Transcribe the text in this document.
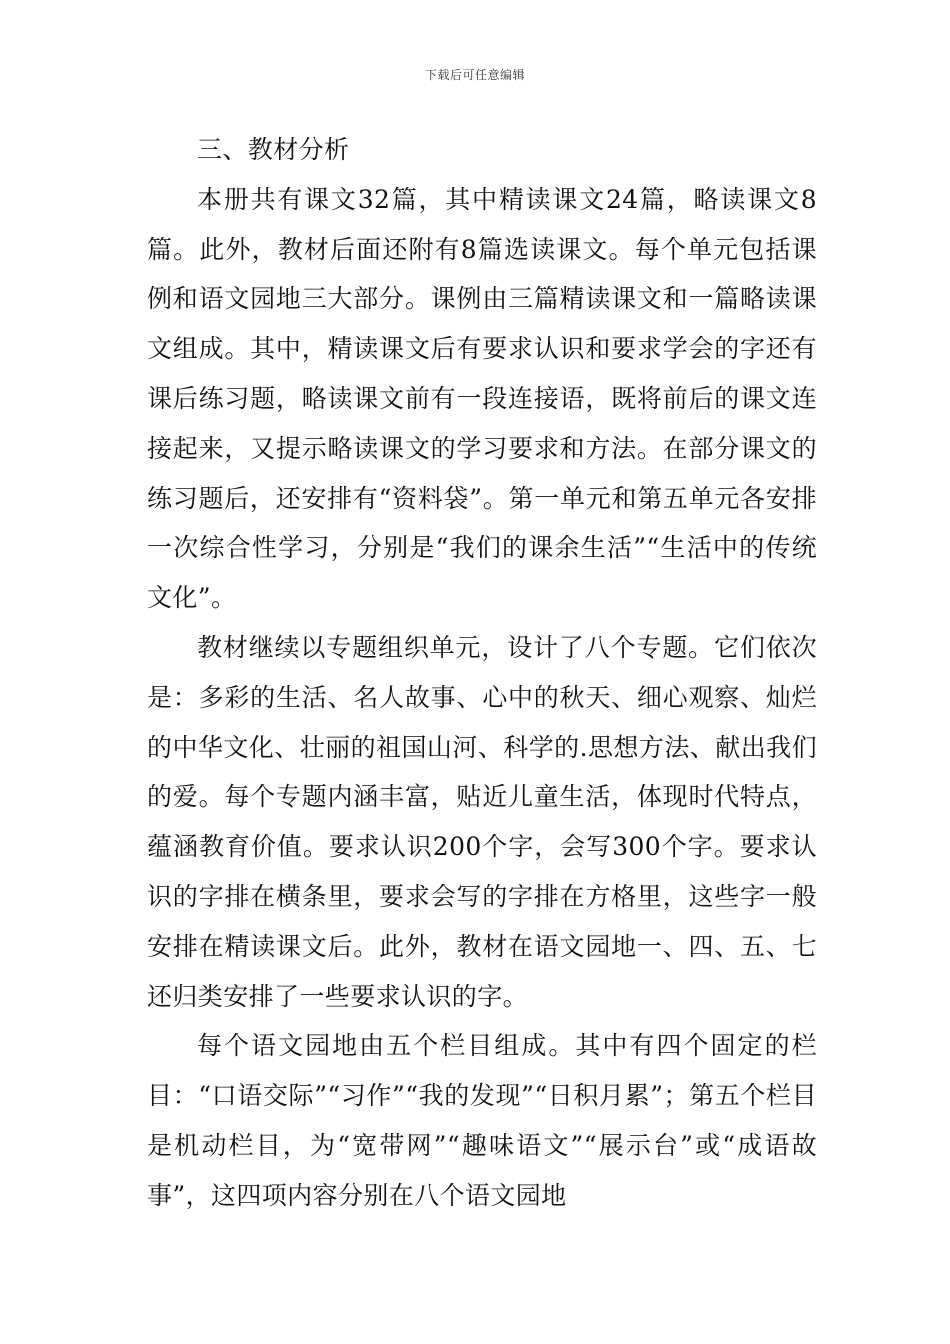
下载后可任意编辑

三、教材分析

本册共有课文32篇，其中精读课文24篇，略读课文8篇。此外，教材后面还附有8篇选读课文。每个单元包括课例和语文园地三大部分。课例由三篇精读课文和一篇略读课文组成。其中，精读课文后有要求认识和要求学会的字还有课后练习题，略读课文前有一段连接语，既将前后的课文连接起来，又提示略读课文的学习要求和方法。在部分课文的练习题后，还安排有“资料袋”。第一单元和第五单元各安排一次综合性学习，分别是“我们的课余生活”“生活中的传统文化”。

教材继续以专题组织单元，设计了八个专题。它们依次是：多彩的生活、名人故事、心中的秋天、细心观察、灿烂的中华文化、壮丽的祖国山河、科学的.思想方法、献出我们的爱。每个专题内涵丰富，贴近儿童生活，体现时代特点，蕴涵教育价值。要求认识200个字，会写300个字。要求认识的字排在横条里，要求会写的字排在方格里，这些字一般安排在精读课文后。此外，教材在语文园地一、四、五、七还归类安排了一些要求认识的字。

每个语文园地由五个栏目组成。其中有四个固定的栏目：“口语交际”“习作”“我的发现”“日积月累”；第五个栏目是机动栏目，为“宽带网”“趣味语文”“展示台”或“成语故事”，这四项内容分别在八个语文园地
